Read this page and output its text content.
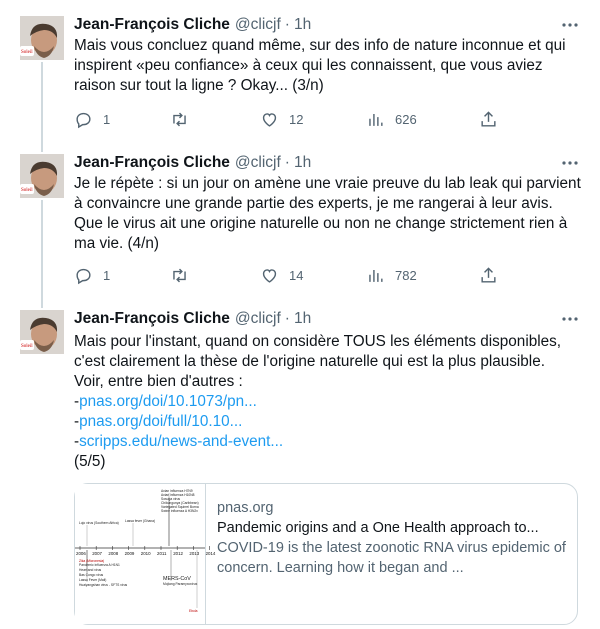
Soleil
Jean-François Cliche @clicjf · 1h

Mais vous concluez quand même, sur des info de nature inconnue et qui inspirent «peu confiance» à ceux qui les connaissent, que vous aviez raison sur tout la ligne ? Okay... (3/n)

1	12	626
Soleil
Jean-François Cliche @clicjf · 1h

Je le répète : si un jour on amène une vraie preuve du lab leak qui parvient à convaincre une grande partie des experts, je me rangerai à leur avis. Que le virus ait une origine naturelle ou non ne change strictement rien à ma vie. (4/n)

1	14	782
Soleil
Jean-François Cliche @clicjf · 1h

Mais pour l'instant, quand on considère TOUS les éléments disponibles,

c'est clairement la thèse de l'origine naturelle qui est la plus plausible.

Voir, entre bien d'autres :

-pnas.org/doi/10.1073/pn...

-pnas.org/doi/full/10.10...

-scripps.edu/news-and-event...

(5/5)

Lujo virus (Southern Africa) Lassa fever (Ghana)
Pandemic influenza A H1N1
Heartland virus
Bas Congo virus
Lassa Fever (Mali)
Huaiyangshan virus - SFTS virus
MERS-CoV
Mojiang Paramyxovirus
Avian influenza H7N9
Avian influenza H10N8
Sosuga virus
Chikungunya (Caribbean)
Variegated Squirrel Borna
Swine influenza A H3N2v
Zika (Micronesia)
Ebola
2006 2007 2008 2009 2010 2011 2012 2013 2014
pnas.org
Pandemic origins and a One Health approach to...
COVID-19 is the latest zoonotic RNA virus epidemic of concern. Learning how it began and ...
